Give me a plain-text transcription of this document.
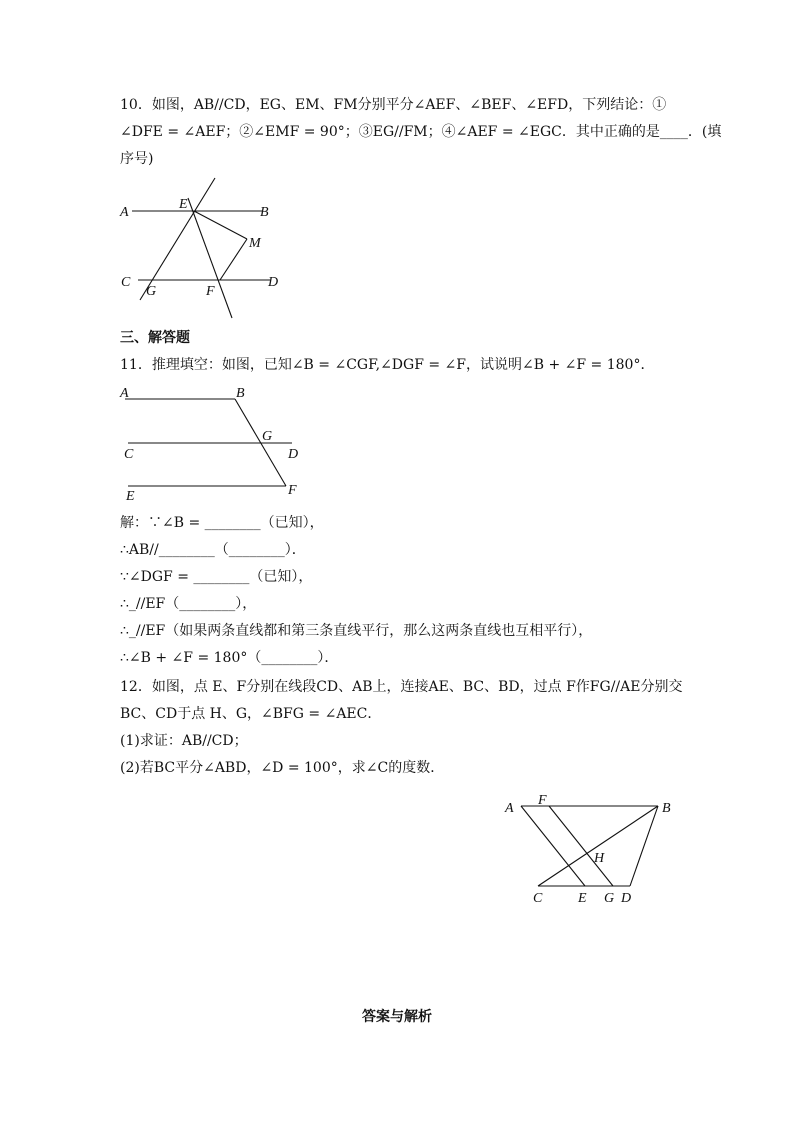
10．如图，AB//CD，EG、EM、FM分别平分∠AEF、∠BEF、∠EFD，下列结论：①
∠DFE = ∠AEF；②∠EMF = 90°；③EG//FM；④∠AEF = ∠EGC．其中正确的是____．(填
序号)
A
E
B
M
C
G	F
D
三、解答题
11．推理填空：如图，已知∠B = ∠CGF,∠DGF = ∠F，试说明∠B + ∠F = 180°．
A	B
G
C	D
E	F
解：∵∠B = ________（已知），
∴AB//________（________）．
∵∠DGF = ________（已知），
∴_//EF（________），
∴_//EF（如果两条直线都和第三条直线平行，那么这两条直线也互相平行），
∴∠B + ∠F = 180°（________）．
12．如图，点 E、F分别在线段CD、AB上，连接AE、BC、BD，过点 F作FG//AE分别交
BC、CD于点 H、G，∠BFG = ∠AEC．
(1)求证：AB//CD；
(2)若BC平分∠ABD，∠D = 100°，求∠C的度数．
A
F
B
H
C	E G D
答案与解析
